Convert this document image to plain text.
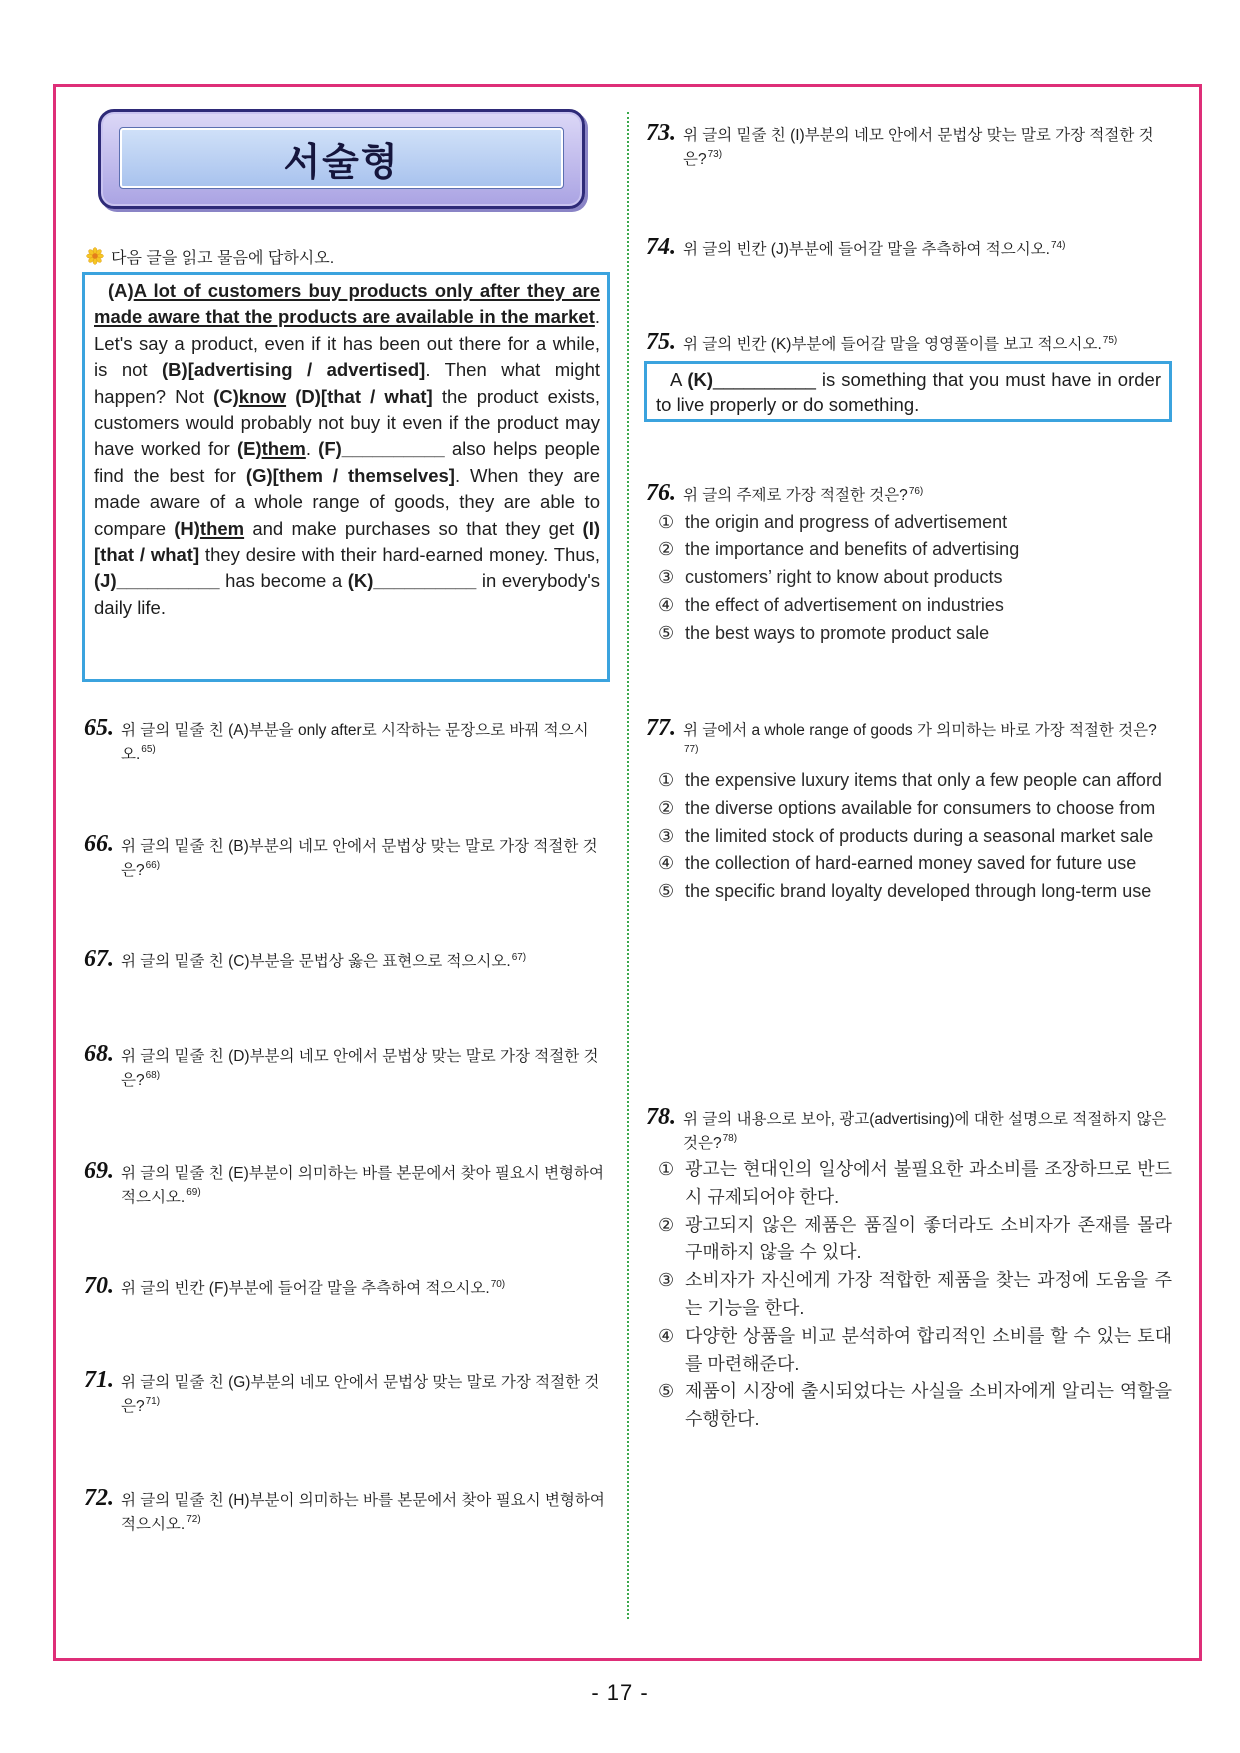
서술형
다음 글을 읽고 물음에 답하시오.
(A)A lot of customers buy products only after they are made aware that the products are available in the market. Let's say a product, even if it has been out there for a while, is not (B)[advertising / advertised]. Then what might happen? Not (C)know (D)[that / what] the product exists, customers would probably not buy it even if the product may have worked for (E)them. (F)__________ also helps people find the best for (G)[them / themselves]. When they are made aware of a whole range of goods, they are able to compare (H)them and make purchases so that they get (I)[that / what] they desire with their hard-earned money. Thus, (J)__________ has become a (K)__________ in everybody's daily life.
65. 위 글의 밑줄 친 (A)부분을 only after로 시작하는 문장으로 바꿔 적으시오.$^{65)}$
66. 위 글의 밑줄 친 (B)부분의 네모 안에서 문법상 맞는 말로 가장 적절한 것은?$^{66)}$
67. 위 글의 밑줄 친 (C)부분을 문법상 옳은 표현으로 적으시오.$^{67)}$
68. 위 글의 밑줄 친 (D)부분의 네모 안에서 문법상 맞는 말로 가장 적절한 것은?$^{68)}$
69. 위 글의 밑줄 친 (E)부분이 의미하는 바를 본문에서 찾아 필요시 변형하여 적으시오.$^{69)}$
70. 위 글의 빈칸 (F)부분에 들어갈 말을 추측하여 적으시오.$^{70)}$
71. 위 글의 밑줄 친 (G)부분의 네모 안에서 문법상 맞는 말로 가장 적절한 것은?$^{71)}$
72. 위 글의 밑줄 친 (H)부분이 의미하는 바를 본문에서 찾아 필요시 변형하여 적으시오.$^{72)}$
73. 위 글의 밑줄 친 (I)부분의 네모 안에서 문법상 맞는 말로 가장 적절한 것은?$^{73)}$
74. 위 글의 빈칸 (J)부분에 들어갈 말을 추측하여 적으시오.$^{74)}$
75. 위 글의 빈칸 (K)부분에 들어갈 말을 영영풀이를 보고 적으시오.$^{75)}$
A (K)__________ is something that you must have in order to live properly or do something.
76. 위 글의 주제로 가장 적절한 것은?$^{76)}$
① the origin and progress of advertisement
② the importance and benefits of advertising
③ customers’ right to know about products
④ the effect of advertisement on industries
⑤ the best ways to promote product sale
77. 위 글에서 a whole range of goods 가 의미하는 바로 가장 적절한 것은?$^{77)}$
① the expensive luxury items that only a few people can afford
② the diverse options available for consumers to choose from
③ the limited stock of products during a seasonal market sale
④ the collection of hard-earned money saved for future use
⑤ the specific brand loyalty developed through long-term use
78. 위 글의 내용으로 보아, 광고(advertising)에 대한 설명으로 적절하지 않은 것은?$^{78)}$
① 광고는 현대인의 일상에서 불필요한 과소비를 조장하므로 반드시 규제되어야 한다.
② 광고되지 않은 제품은 품질이 좋더라도 소비자가 존재를 몰라 구매하지 않을 수 있다.
③ 소비자가 자신에게 가장 적합한 제품을 찾는 과정에 도움을 주는 기능을 한다.
④ 다양한 상품을 비교 분석하여 합리적인 소비를 할 수 있는 토대를 마련해준다.
⑤ 제품이 시장에 출시되었다는 사실을 소비자에게 알리는 역할을 수행한다.
- 17 -
